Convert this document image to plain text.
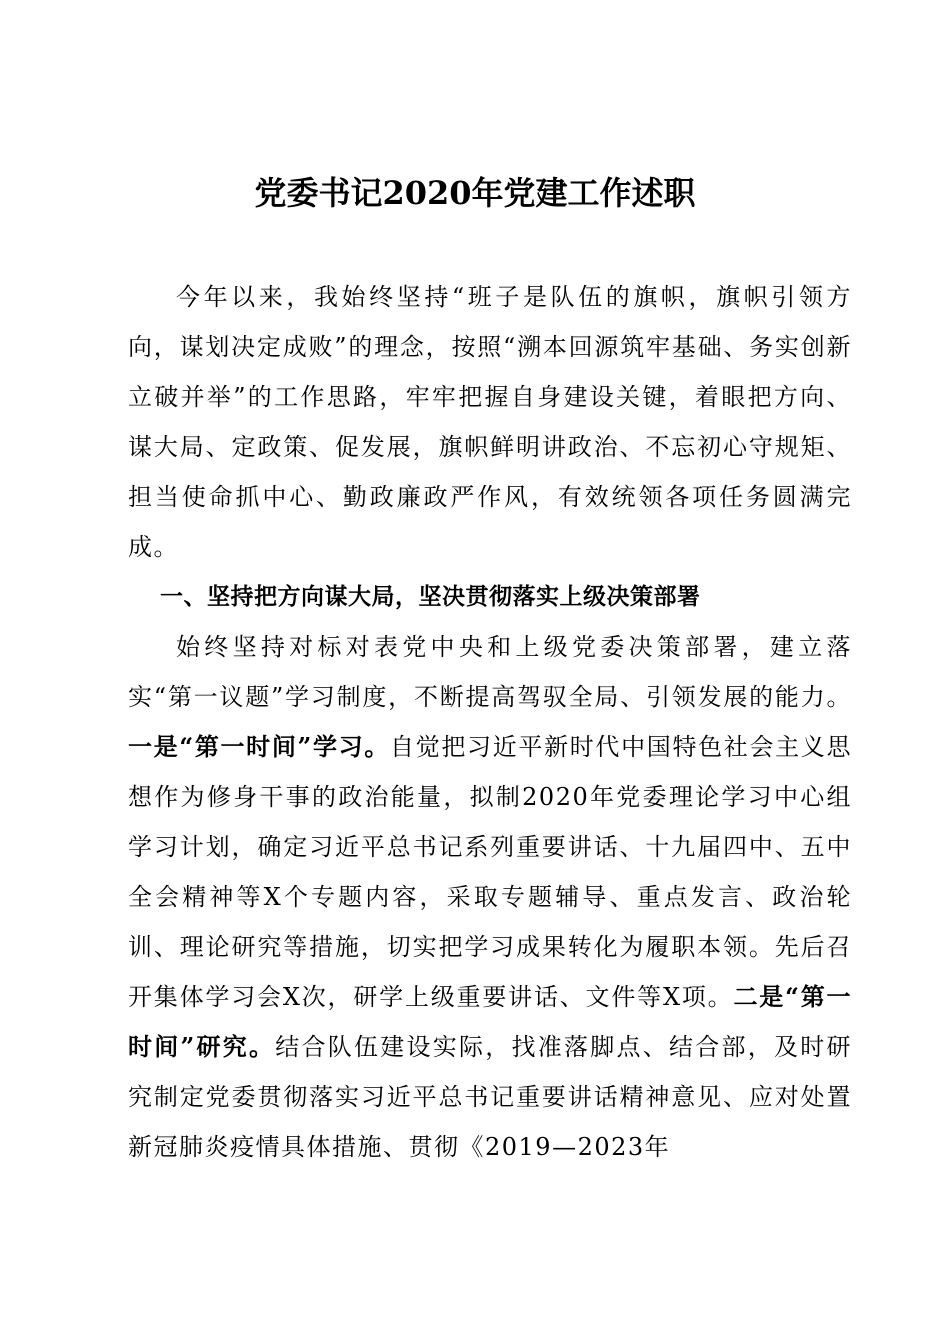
党委书记2020年党建工作述职

今年以来，我始终坚持“班子是队伍的旗帜，旗帜引领方向，谋划决定成败”的理念，按照“溯本回源筑牢基础、务实创新立破并举”的工作思路，牢牢把握自身建设关键，着眼把方向、谋大局、定政策、促发展，旗帜鲜明讲政治、不忘初心守规矩、担当使命抓中心、勤政廉政严作风，有效统领各项任务圆满完成。

一、坚持把方向谋大局，坚决贯彻落实上级决策部署

始终坚持对标对表党中央和上级党委决策部署，建立落实“第一议题”学习制度，不断提高驾驭全局、引领发展的能力。一是“第一时间”学习。自觉把习近平新时代中国特色社会主义思想作为修身干事的政治能量，拟制2020年党委理论学习中心组学习计划，确定习近平总书记系列重要讲话、十九届四中、五中全会精神等X个专题内容，采取专题辅导、重点发言、政治轮训、理论研究等措施，切实把学习成果转化为履职本领。先后召开集体学习会X次，研学上级重要讲话、文件等X项。二是“第一时间”研究。结合队伍建设实际，找准落脚点、结合部，及时研究制定党委贯彻落实习近平总书记重要讲话精神意见、应对处置新冠肺炎疫情具体措施、贯彻《2019—2023年
